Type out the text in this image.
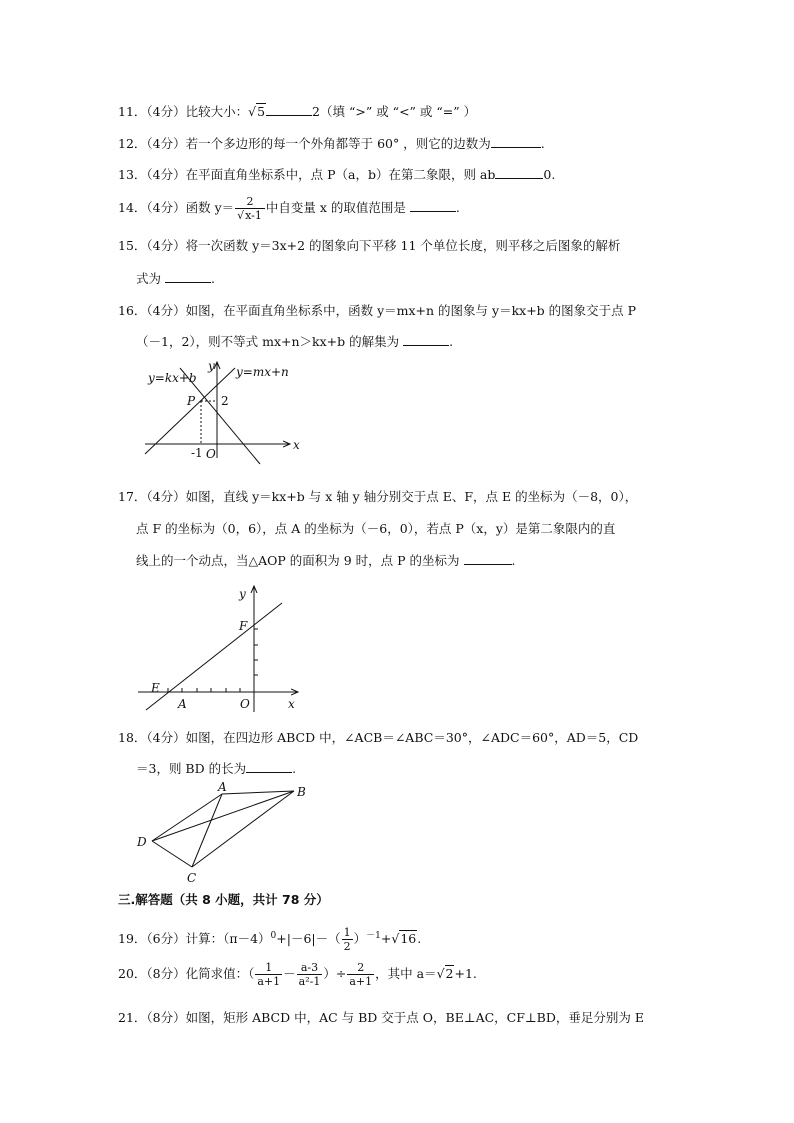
11．（4分）比较大小：√5	2（填 “>” 或 “<” 或 “=” ）
12．（4分）若一个多边形的每一个外角都等于 60° ，则它的边数为	.
13．（4分）在平面直角坐标系中，点 P（a，b）在第二象限，则 ab	0.
14．（4分）函数 $y= \frac{2}{√x-1}$ 中自变量 x 的取值范围是	.
15．（4分）将一次函数 y＝3x+2 的图象向下平移 11 个单位长度，则平移之后图象的解析
式为	.
16．（4分）如图，在平面直角坐标系中，函数 y＝mx+n 的图象与 y＝kx+b 的图象交于点 P
（－1，2），则不等式 mx+n＞kx+b 的解集为	.
y=kx+b	y=mx+n
y
x
P 2
-1 O
17．（4分）如图，直线 y＝kx+b 与 x 轴 y 轴分别交于点 E、F，点 E 的坐标为（－8，0），
点 F 的坐标为（0，6），点 A 的坐标为（－6，0），若点 P（x，y）是第二象限内的直
线上的一个动点，当△AOP 的面积为 9 时，点 P 的坐标为	.
y
F
E
A	O	x
18．（4分）如图，在四边形 ABCD 中，∠ACB＝∠ABC＝30°，∠ADC＝60°，AD＝5，CD
＝3，则 BD 的长为	.
A	B
C
D
三.解答题（共 8 小题，共计 78 分）
19．（6分）计算：$(\pi-4)^0+|-6|-( \frac{1}{2} )^{-1}+√16$.
20．（8分）化简求值：（ $\frac{1}{a+1} - \frac{a-3}{\text{a²-1}}$ ）÷ $\frac{2}{a+1}$ ，其中 a＝√2+1.
21．（8分）如图，矩形 ABCD 中，AC 与 BD 交于点 O，BE⊥AC，CF⊥BD，垂足分别为 E
